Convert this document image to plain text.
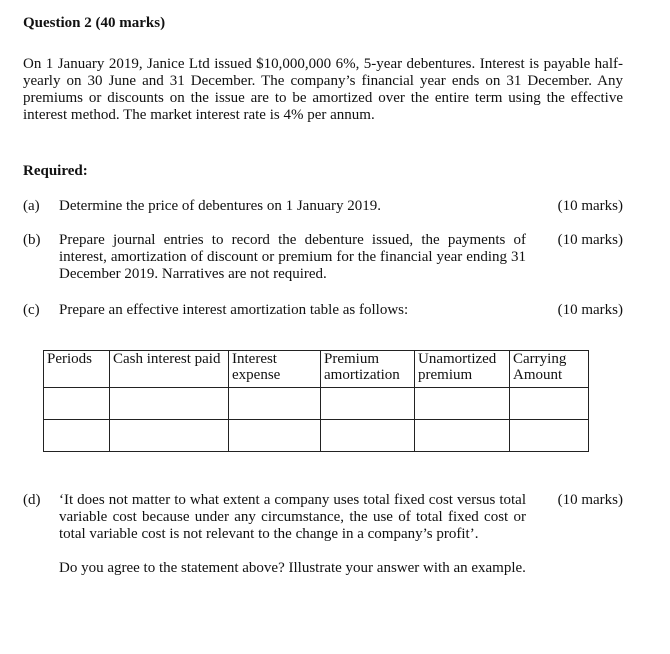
Question 2 (40 marks)
On 1 January 2019, Janice Ltd issued $10,000,000 6%, 5-year debentures. Interest is payable half-yearly on 30 June and 31 December. The company’s financial year ends on 31 December. Any premiums or discounts on the issue are to be amortized over the entire term using the effective interest method. The market interest rate is 4% per annum.
Required:
(a) Determine the price of debentures on 1 January 2019.	(10 marks)
(b) Prepare journal entries to record the debenture issued, the payments of interest, amortization of discount or premium for the financial year ending 31 December 2019. Narratives are not required.
(10 marks)
(c) Prepare an effective interest amortization table as follows:	(10 marks)
Periods	Cash interest paid	Interest expense	Premium amortization	Unamortized premium	Carrying Amount

(d) ‘It does not matter to what extent a company uses total fixed cost versus total variable cost because under any circumstance, the use of total fixed cost or total variable cost is not relevant to the change in a company’s profit’.

Do you agree to the statement above? Illustrate your answer with an example.

(10 marks)
